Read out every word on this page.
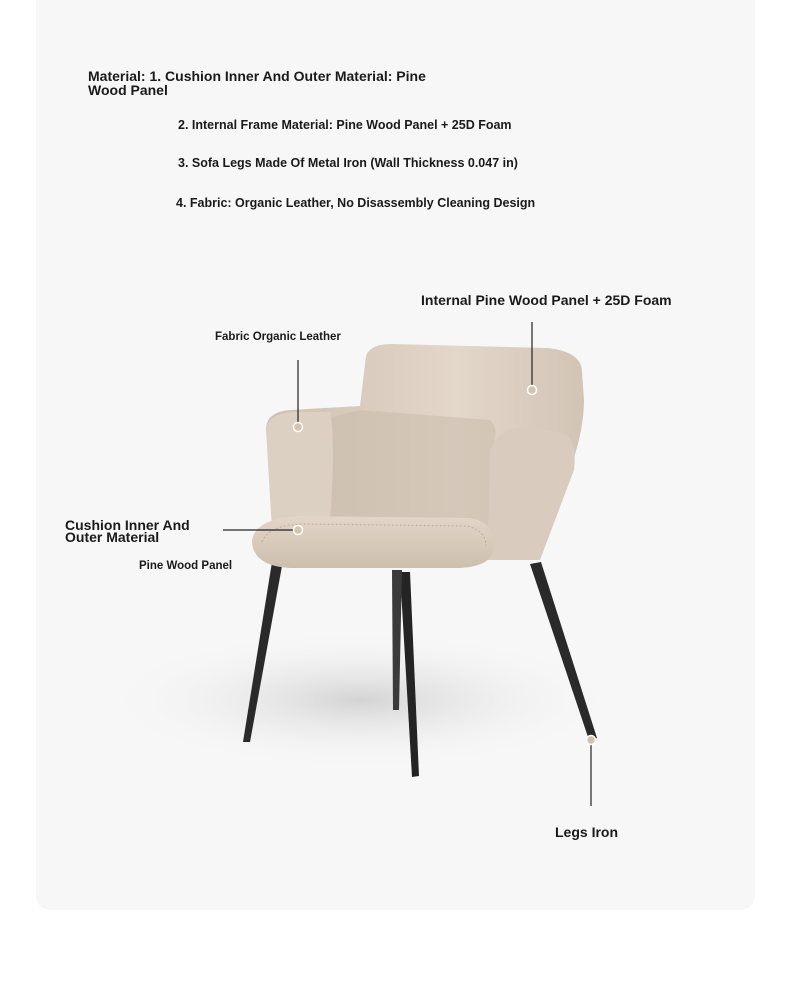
Material: 1. Cushion Inner And Outer Material: Pine Wood Panel
2. Internal Frame Material: Pine Wood Panel + 25D Foam
3. Sofa Legs Made Of Metal Iron (Wall Thickness 0.047 in)
4. Fabric: Organic Leather, No Disassembly Cleaning Design
Internal Pine Wood Panel + 25D Foam
Fabric Organic Leather
Cushion Inner And Outer Material
Pine Wood Panel
Legs Iron
